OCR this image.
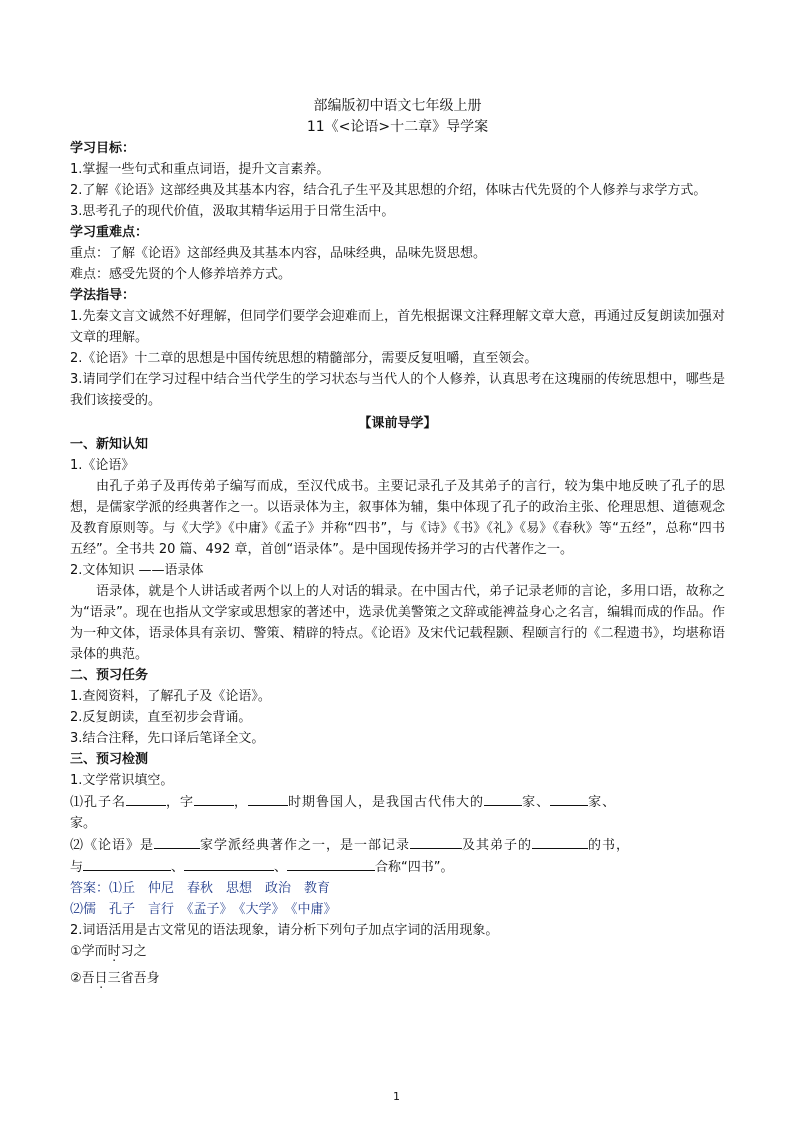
部编版初中语文七年级上册
11《<论语>十二章》导学案
学习目标：
1.掌握一些句式和重点词语，提升文言素养。
2.了解《论语》这部经典及其基本内容，结合孔子生平及其思想的介绍，体味古代先贤的个人修养与求学方式。
3.思考孔子的现代价值，汲取其精华运用于日常生活中。
学习重难点：
重点：了解《论语》这部经典及其基本内容，品味经典，品味先贤思想。
难点：感受先贤的个人修养培养方式。
学法指导：
1.先秦文言文诚然不好理解，但同学们要学会迎难而上，首先根据课文注释理解文章大意，再通过反复朗读加强对文章的理解。
2.《论语》十二章的思想是中国传统思想的精髓部分，需要反复咀嚼，直至领会。
3.请同学们在学习过程中结合当代学生的学习状态与当代人的个人修养，认真思考在这瑰丽的传统思想中，哪些是我们该接受的。
【课前导学】
一、新知认知
1.《论语》
由孔子弟子及再传弟子编写而成，至汉代成书。主要记录孔子及其弟子的言行，较为集中地反映了孔子的思想，是儒家学派的经典著作之一。以语录体为主，叙事体为辅，集中体现了孔子的政治主张、伦理思想、道德观念及教育原则等。与《大学》《中庸》《孟子》并称“四书”，与《诗》《书》《礼》《易》《春秋》等“五经”，总称“四书五经”。全书共 20 篇、492 章，首创“语录体”。是中国现传扬并学习的古代著作之一。
2.文体知识 ——语录体
语录体，就是个人讲话或者两个以上的人对话的辑录。在中国古代，弟子记录老师的言论，多用口语，故称之为“语录”。现在也指从文学家或思想家的著述中，选录优美警策之文辞或能裨益身心之名言，编辑而成的作品。作为一种文体，语录体具有亲切、警策、精辟的特点。《论语》及宋代记载程颢、程颐言行的《二程遗书》，均堪称语录体的典范。
二、预习任务
1.查阅资料，了解孔子及《论语》。
2.反复朗读，直至初步会背诵。
3.结合注释，先口译后笔译全文。
三、预习检测
1.文学常识填空。
⑴孔子名	，字	，	时期鲁国人，是我国古代伟大的	家、	家、
家。
⑵《论语》是	家学派经典著作之一，是一部记录	及其弟子的	的书，
与	、	、	合称“四书”。
答案：⑴丘　仲尼　春秋　思想　政治　教育
⑵儒　孔子　言行　《孟子》　《大学》　《中庸》
2.词语活用是古文常见的语法现象，请分析下列句子加点字词的活用现象。
①学而时习之
②吾日三省吾身
1
